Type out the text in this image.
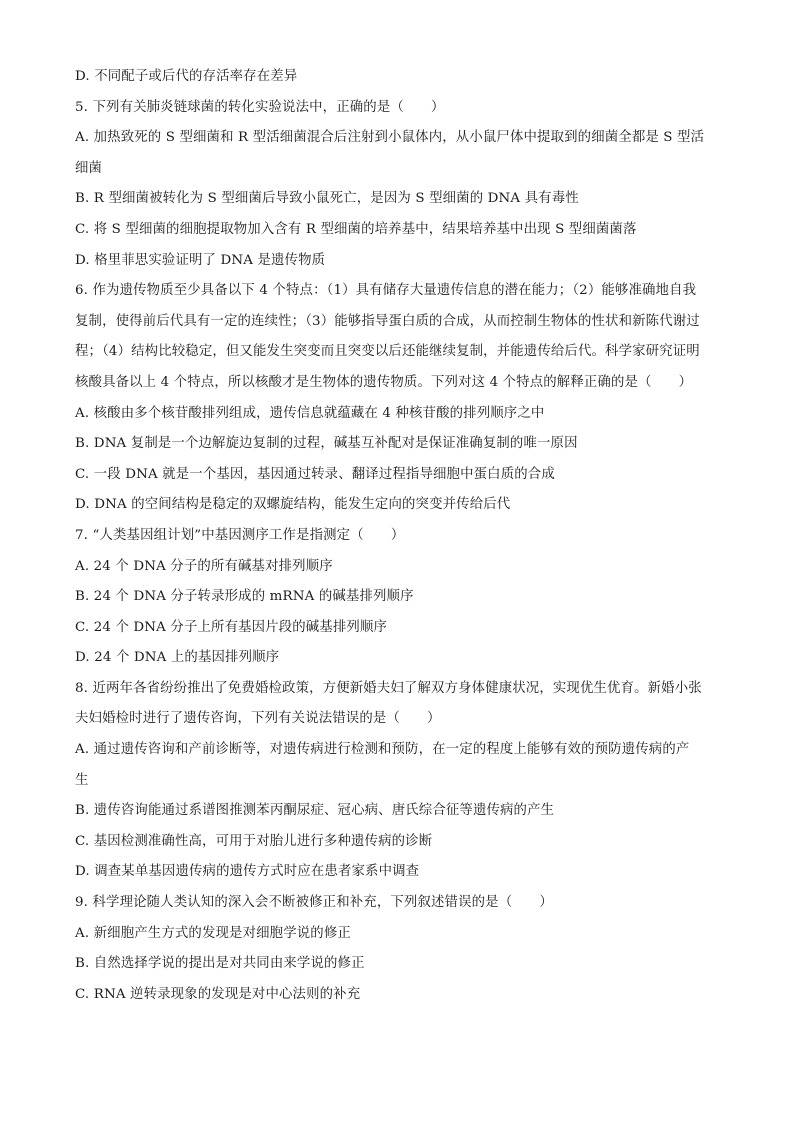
D. 不同配子或后代的存活率存在差异
5. 下列有关肺炎链球菌的转化实验说法中，正确的是（　　）
A. 加热致死的 S 型细菌和 R 型活细菌混合后注射到小鼠体内，从小鼠尸体中提取到的细菌全都是 S 型活
细菌
B. R 型细菌被转化为 S 型细菌后导致小鼠死亡，是因为 S 型细菌的 DNA 具有毒性
C. 将 S 型细菌的细胞提取物加入含有 R 型细菌的培养基中，结果培养基中出现 S 型细菌菌落
D. 格里菲思实验证明了 DNA 是遗传物质
6. 作为遗传物质至少具备以下 4 个特点：（1）具有储存大量遗传信息的潜在能力；（2）能够准确地自我
复制，使得前后代具有一定的连续性；（3）能够指导蛋白质的合成，从而控制生物体的性状和新陈代谢过
程；（4）结构比较稳定，但又能发生突变而且突变以后还能继续复制，并能遗传给后代。科学家研究证明
核酸具备以上 4 个特点，所以核酸才是生物体的遗传物质。下列对这 4 个特点的解释正确的是（　　）
A. 核酸由多个核苷酸排列组成，遗传信息就蕴藏在 4 种核苷酸的排列顺序之中
B. DNA 复制是一个边解旋边复制的过程，碱基互补配对是保证准确复制的唯一原因
C. 一段 DNA 就是一个基因，基因通过转录、翻译过程指导细胞中蛋白质的合成
D. DNA 的空间结构是稳定的双螺旋结构，能发生定向的突变并传给后代
7. “人类基因组计划”中基因测序工作是指测定（　　）
A. 24 个 DNA 分子的所有碱基对排列顺序
B. 24 个 DNA 分子转录形成的 mRNA 的碱基排列顺序
C. 24 个 DNA 分子上所有基因片段的碱基排列顺序
D. 24 个 DNA 上的基因排列顺序
8. 近两年各省纷纷推出了免费婚检政策，方便新婚夫妇了解双方身体健康状况，实现优生优育。新婚小张
夫妇婚检时进行了遗传咨询，下列有关说法错误的是（　　）
A. 通过遗传咨询和产前诊断等，对遗传病进行检测和预防，在一定的程度上能够有效的预防遗传病的产
生
B. 遗传咨询能通过系谱图推测苯丙酮尿症、冠心病、唐氏综合征等遗传病的产生
C. 基因检测准确性高，可用于对胎儿进行多种遗传病的诊断
D. 调查某单基因遗传病的遗传方式时应在患者家系中调查
9. 科学理论随人类认知的深入会不断被修正和补充，下列叙述错误的是（　　）
A. 新细胞产生方式的发现是对细胞学说的修正
B. 自然选择学说的提出是对共同由来学说的修正
C. RNA 逆转录现象的发现是对中心法则的补充
